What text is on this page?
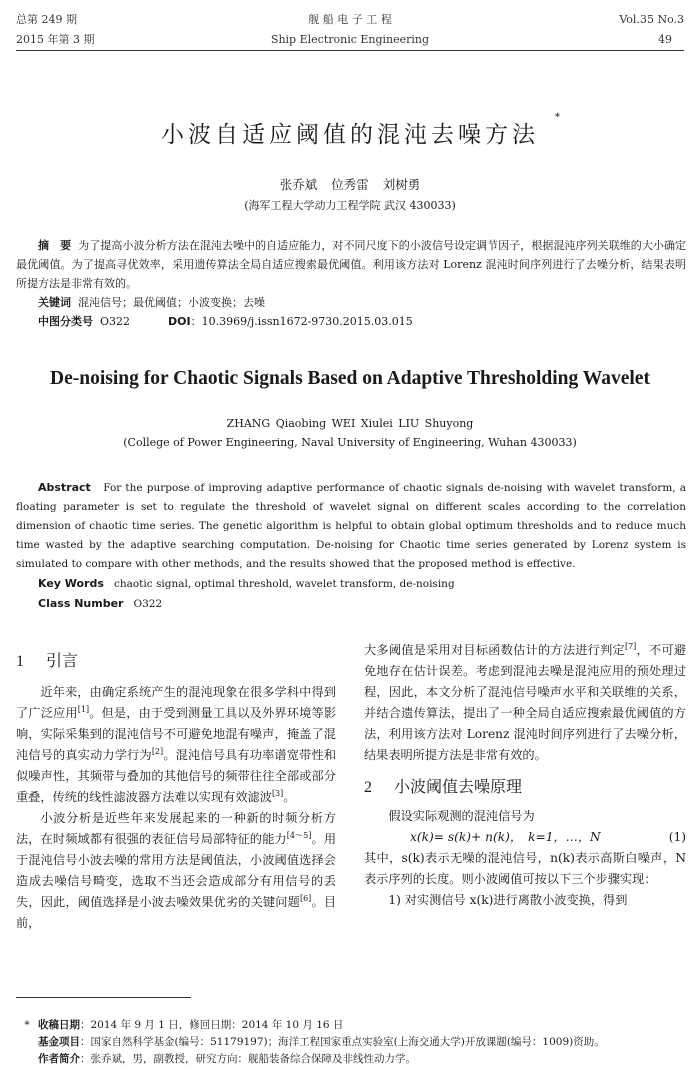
总第 249 期
2015 年第 3 期
舰 船 电 子 工 程
Ship Electronic Engineering
Vol.35 No.3
49
小波自适应阈值的混沌去噪方法
*
张乔斌 位秀雷 刘树勇
(海军工程大学动力工程学院 武汉 430033)
摘　要 为了提高小波分析方法在混沌去噪中的自适应能力，对不同尺度下的小波信号设定调节因子，根据混沌序列关联维的大小确定最优阈值。为了提高寻优效率，采用遗传算法全局自适应搜索最优阈值。利用该方法对 Lorenz 混沌时间序列进行了去噪分析，结果表明所提方法是非常有效的。
关键词 混沌信号；最优阈值；小波变换；去噪
中图分类号 O322	DOI：10.3969/j.issn1672-9730.2015.03.015
De-noising for Chaotic Signals Based on Adaptive Thresholding Wavelet
ZHANG Qiaobing WEI Xiulei LIU Shuyong
(College of Power Engineering, Naval University of Engineering, Wuhan 430033)
Abstract For the purpose of improving adaptive performance of chaotic signals de-noising with wavelet transform, a floating parameter is set to regulate the threshold of wavelet signal on different scales according to the correlation dimension of chaotic time series. The genetic algorithm is helpful to obtain global optimum thresholds and to reduce much time wasted by the adaptive searching computation. De-noising for Chaotic time series generated by Lorenz system is simulated to compare with other methods, and the results showed that the proposed method is effective.
Key Words chaotic signal, optimal threshold, wavelet transform, de-noising
Class Number O322
1 引言

近年来，由确定系统产生的混沌现象在很多学科中得到了广泛应用[1]。但是，由于受到测量工具以及外界环境等影响，实际采集到的混沌信号不可避免地混有噪声，掩盖了混沌信号的真实动力学行为[2]。混沌信号具有功率谱宽带性和似噪声性，其频带与叠加的其他信号的频带往往全部或部分重叠，传统的线性滤波器方法难以实现有效滤波[3]。

小波分析是近些年来发展起来的一种新的时频分析方法，在时频域都有很强的表征信号局部特征的能力[4～5]。用于混沌信号小波去噪的常用方法是阈值法，小波阈值选择会造成去噪信号畸变，选取不当还会造成部分有用信号的丢失，因此，阈值选择是小波去噪效果优劣的关键问题[6]。目前，

大多阈值是采用对目标函数估计的方法进行判定[7]，不可避免地存在估计误差。考虑到混沌去噪是混沌应用的预处理过程，因此，本文分析了混沌信号噪声水平和关联维的关系，并结合遗传算法，提出了一种全局自适应搜索最优阈值的方法，利用该方法对 Lorenz 混沌时间序列进行了去噪分析，结果表明所提方法是非常有效的。

2 小波阈值去噪原理

假设实际观测的混沌信号为

x(k)= s(k)+ n(k)，　k=1，…，N	(1)

其中，s(k)表示无噪的混沌信号，n(k)表示高斯白噪声，N 表示序列的长度。则小波阈值可按以下三个步骤实现：

1) 对实测信号 x(k)进行离散小波变换，得到

* 收稿日期：2014 年 9 月 1 日，修回日期：2014 年 10 月 16 日
基金项目：国家自然科学基金(编号：51179197)；海洋工程国家重点实验室(上海交通大学)开放课题(编号：1009)资助。
作者简介：张乔斌，男，副教授，研究方向：舰船装备综合保障及非线性动力学。
